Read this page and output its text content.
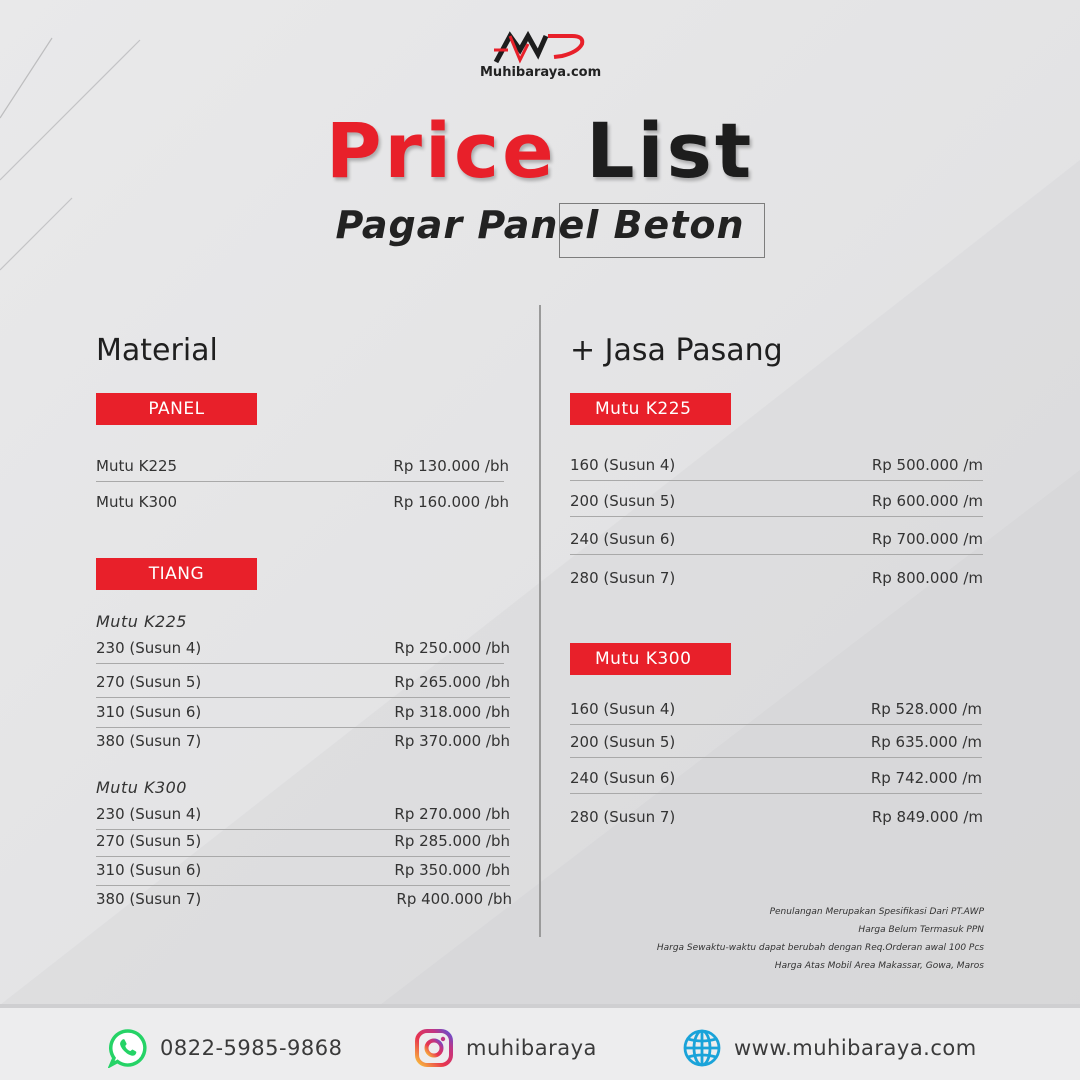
Muhibaraya.com
Price List
Pagar Panel Beton
Material
PANEL
Mutu K225	Rp 130.000 /bh
Mutu K300	Rp 160.000 /bh
TIANG
Mutu K225
230 (Susun 4)	Rp 250.000 /bh
270 (Susun 5)	Rp 265.000 /bh
310 (Susun 6)	Rp 318.000 /bh
380 (Susun 7)	Rp 370.000 /bh
Mutu K300
230 (Susun 4)	Rp 270.000 /bh
270 (Susun 5)	Rp 285.000 /bh
310 (Susun 6)	Rp 350.000 /bh
380 (Susun 7)	Rp 400.000 /bh
+ Jasa Pasang
Mutu K225
160 (Susun 4)	Rp 500.000 /m
200 (Susun 5)	Rp 600.000 /m
240 (Susun 6)	Rp 700.000 /m
280 (Susun 7)	Rp 800.000 /m
Mutu K300
160 (Susun 4)	Rp 528.000 /m
200 (Susun 5)	Rp 635.000 /m
240 (Susun 6)	Rp 742.000 /m
280 (Susun 7)	Rp 849.000 /m
Penulangan Merupakan Spesifikasi Dari PT.AWP
Harga Belum Termasuk PPN
Harga Sewaktu-waktu dapat berubah dengan Req.Orderan awal 100 Pcs
Harga Atas Mobil Area Makassar, Gowa, Maros
0822-5985-9868	muhibaraya	www.muhibaraya.com
